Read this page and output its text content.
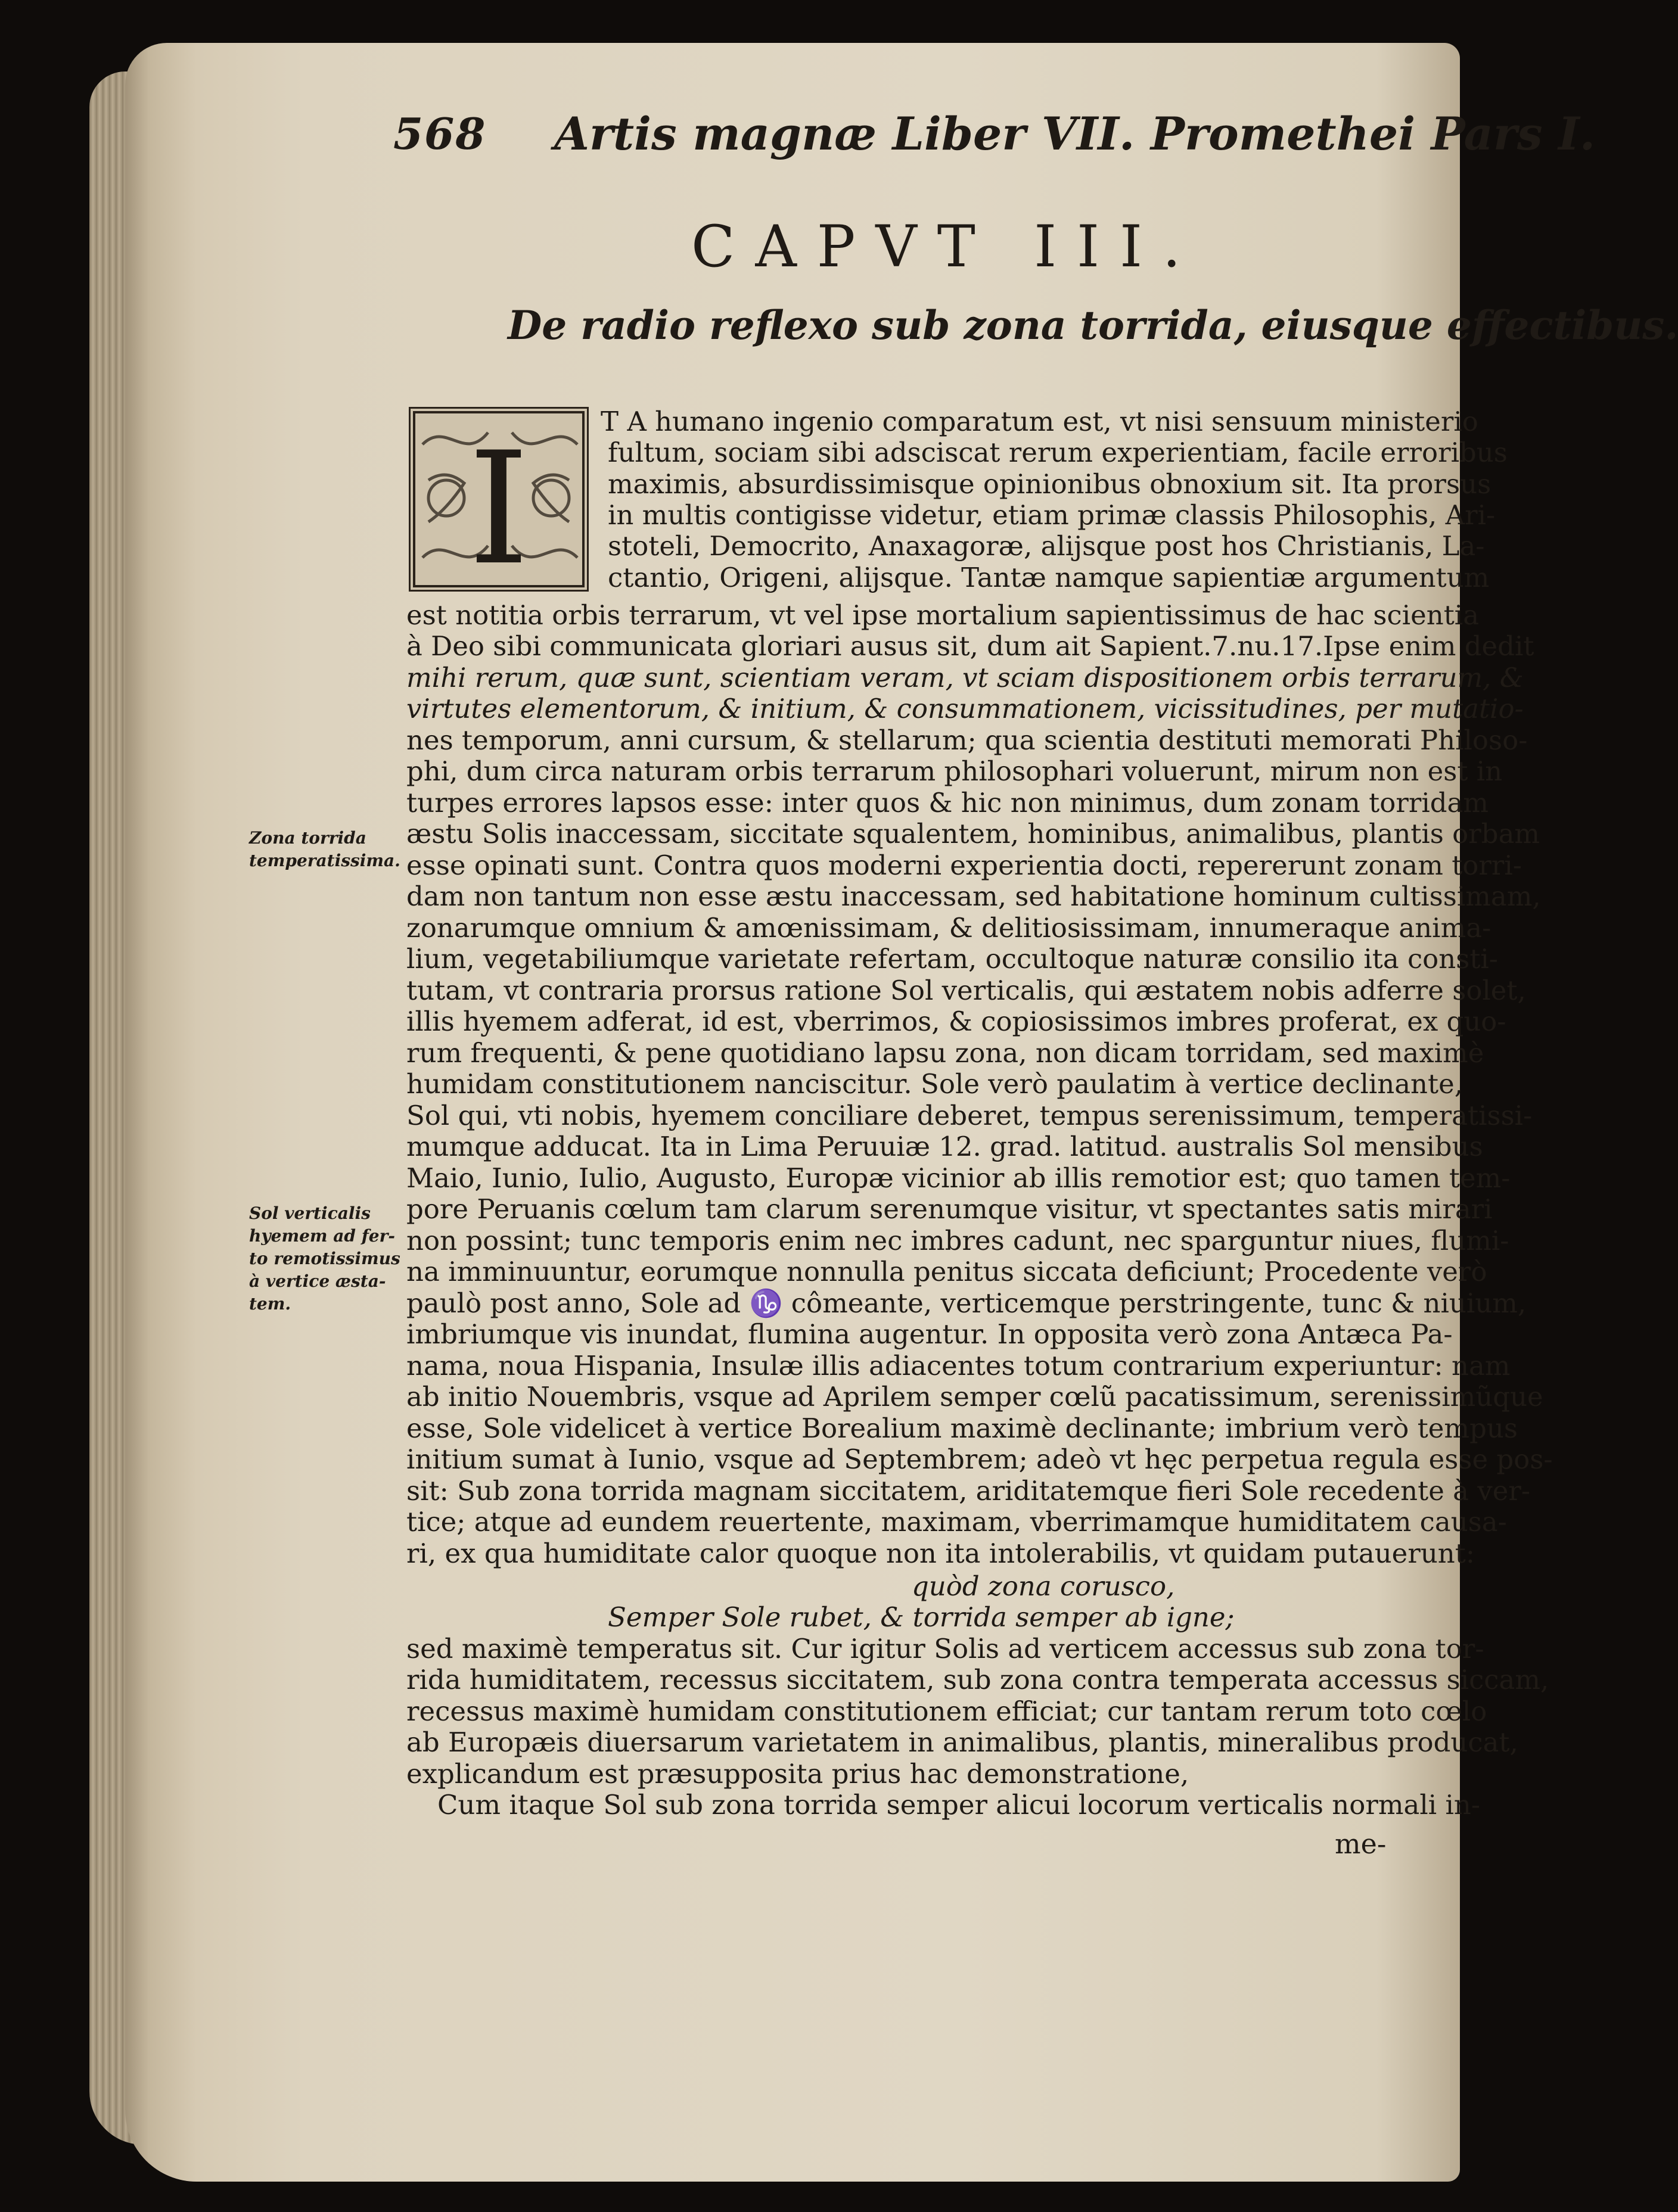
568 Artis magnæ Liber VII. Promethei Pars I.
CAPVT III.
De radio reflexo sub zona torrida, eiusque effectibus.
I	T A humano ingenio comparatum est, vt nisi sensuum ministerio
fultum, sociam sibi adsciscat rerum experientiam, facile erroribus
maximis, absurdissimisque opinionibus obnoxium sit. Ita prorsus
in multis contigisse videtur, etiam primæ classis Philosophis, Ari-
stoteli, Democrito, Anaxagoræ, alijsque post hos Christianis, La-
ctantio, Origeni, alijsque. Tantæ namque sapientiæ argumentum
est notitia orbis terrarum, vt vel ipse mortalium sapientissimus de hac scientia
à Deo sibi communicata gloriari ausus sit, dum ait Sapient.7.nu.17.Ipse enim dedit
mihi rerum, quæ sunt, scientiam veram, vt sciam dispositionem orbis terrarum, &
virtutes elementorum, & initium, & consummationem, vicissitudines, per mutatio-
nes temporum, anni cursum, & stellarum; qua scientia destituti memorati Philoso-
phi, dum circa naturam orbis terrarum philosophari voluerunt, mirum non est in
turpes errores lapsos esse: inter quos & hic non minimus, dum zonam torridam
æstu Solis inaccessam, siccitate squalentem, hominibus, animalibus, plantis orbam
esse opinati sunt. Contra quos moderni experientia docti, repererunt zonam torri-
dam non tantum non esse æstu inaccessam, sed habitatione hominum cultissimam,
zonarumque omnium & amœnissimam, & delitiosissimam, innumeraque anima-
lium, vegetabiliumque varietate refertam, occultoque naturæ consilio ita consti-
tutam, vt contraria prorsus ratione Sol verticalis, qui æstatem nobis adferre solet,
illis hyemem adferat, id est, vberrimos, & copiosissimos imbres proferat, ex quo-
rum frequenti, & pene quotidiano lapsu zona, non dicam torridam, sed maximè
humidam constitutionem nanciscitur. Sole verò paulatim à vertice declinante,
Sol qui, vti nobis, hyemem conciliare deberet, tempus serenissimum, temperatissi-
mumque adducat. Ita in Lima Peruuiæ 12. grad. latitud. australis Sol mensibus
Maio, Iunio, Iulio, Augusto, Europæ vicinior ab illis remotior est; quo tamen tem-
pore Peruanis cœlum tam clarum serenumque visitur, vt spectantes satis mirari
non possint; tunc temporis enim nec imbres cadunt, nec sparguntur niues, flumi-
na imminuuntur, eorumque nonnulla penitus siccata deficiunt; Procedente verò
paulò post anno, Sole ad ♑ cômeante, verticemque perstringente, tunc & niuium,
imbriumque vis inundat, flumina augentur. In opposita verò zona Antæca Pa-
nama, noua Hispania, Insulæ illis adiacentes totum contrarium experiuntur: nam
ab initio Nouembris, vsque ad Aprilem semper cœlũ pacatissimum, serenissimũque
esse, Sole videlicet à vertice Borealium maximè declinante; imbrium verò tempus
initium sumat à Iunio, vsque ad Septembrem; adeò vt hęc perpetua regula esse pos-
sit: Sub zona torrida magnam siccitatem, ariditatemque fieri Sole recedente à ver-
tice; atque ad eundem reuertente, maximam, vberrimamque humiditatem causa-
ri, ex qua humiditate calor quoque non ita intolerabilis, vt quidam putauerunt:
quòd zona corusco,
Semper Sole rubet, & torrida semper ab igne;
sed maximè temperatus sit. Cur igitur Solis ad verticem accessus sub zona tor-
rida humiditatem, recessus siccitatem, sub zona contra temperata accessus siccam,
recessus maximè humidam constitutionem efficiat; cur tantam rerum toto cœlo
ab Europæis diuersarum varietatem in animalibus, plantis, mineralibus producat,
explicandum est præsupposita prius hac demonstratione,
Cum itaque Sol sub zona torrida semper alicui locorum verticalis normali in-
me-
Zona torrida
temperatissima.
Sol verticalis
hyemem ad fer-
to remotissimus
à vertice æsta-
tem.
